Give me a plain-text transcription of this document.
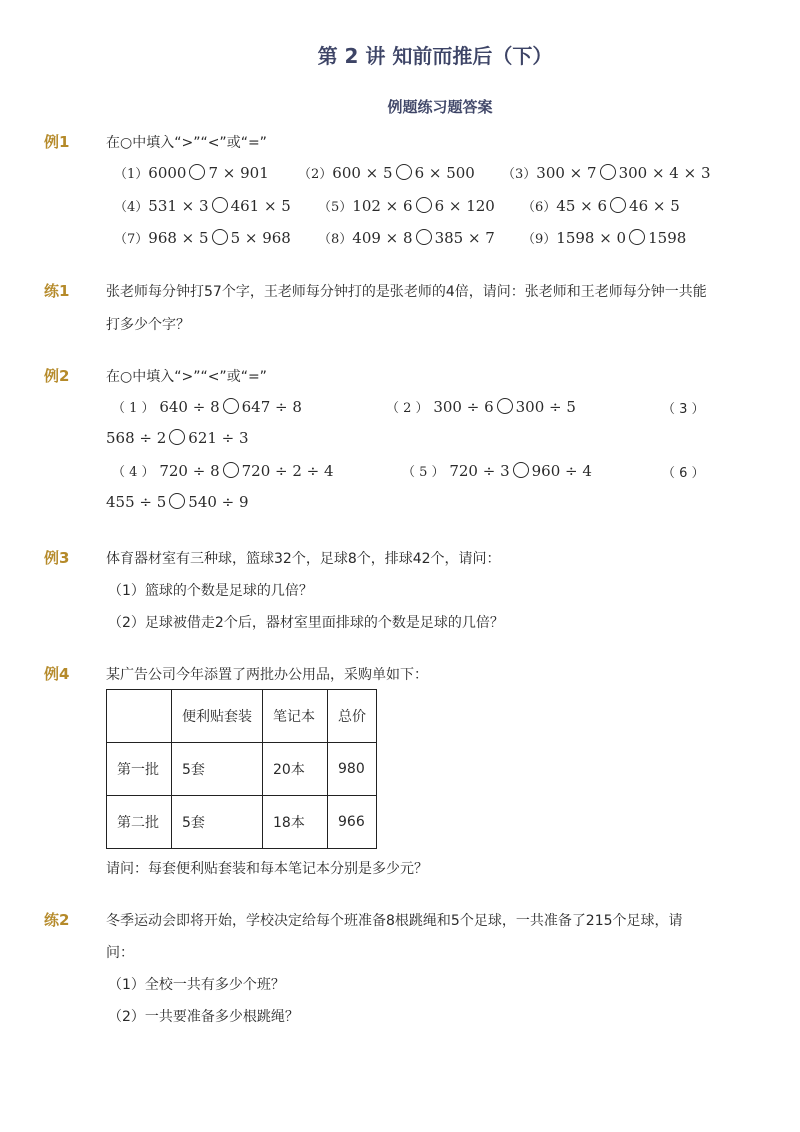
第 2 讲 知前而推后（下）
例题练习题答案
例1	在○中填入“>”“<”或“=”
（1）6000 7 × 901 （2）600 × 5 6 × 500 （3）300 × 7 300 × 4 × 3
（4）531 × 3 461 × 5 （5）102 × 6 6 × 120 （6）45 × 6 46 × 5
（7）968 × 5 5 × 968 （8）409 × 8 385 × 7 （9）1598 × 0 1598
练1	张老师每分钟打57个字，王老师每分钟打的是张老师的4倍，请问：张老师和王老师每分钟一共能
打多少个字？
例2	在○中填入“>”“<”或“=”
（ 1 ） 640 ÷ 8 647 ÷ 8	（ 2 ） 300 ÷ 6 300 ÷ 5	（ 3 ）
568 ÷ 2 621 ÷ 3
（ 4 ） 720 ÷ 8 720 ÷ 2 ÷ 4	（ 5 ） 720 ÷ 3 960 ÷ 4	（ 6 ）
455 ÷ 5 540 ÷ 9
例3	体育器材室有三种球，篮球32个，足球8个，排球42个，请问：
（1）篮球的个数是足球的几倍？
（2）足球被借走2个后，器材室里面排球的个数是足球的几倍？
例4	某广告公司今年添置了两批办公用品，采购单如下：
	便利贴套装	笔记本	总价
第一批	5套	20本	980
第二批	5套	18本	966
请问：每套便利贴套装和每本笔记本分别是多少元？
练2	冬季运动会即将开始，学校决定给每个班准备8根跳绳和5个足球，一共准备了215个足球，请
问：
（1）全校一共有多少个班？
（2）一共要准备多少根跳绳？
